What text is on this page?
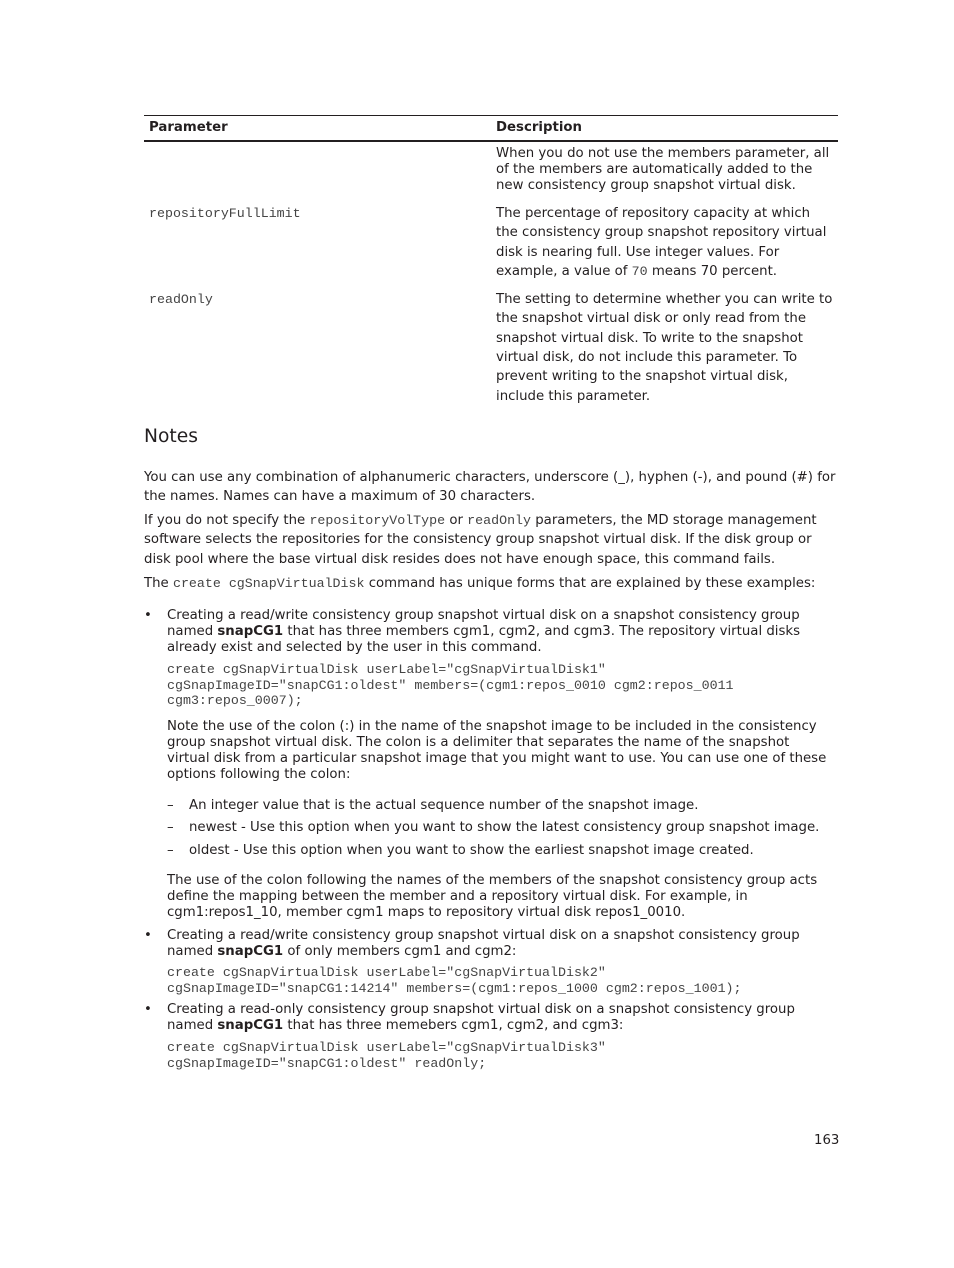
Parameter	Description
	When you do not use the members parameter, all of the members are automatically added to the new consistency group snapshot virtual disk.
repositoryFullLimit	The percentage of repository capacity at which the consistency group snapshot repository virtual disk is nearing full. Use integer values. For example, a value of 70 means 70 percent.
readOnly	The setting to determine whether you can write to the snapshot virtual disk or only read from the snapshot virtual disk. To write to the snapshot virtual disk, do not include this parameter. To prevent writing to the snapshot virtual disk, include this parameter.
Notes

You can use any combination of alphanumeric characters, underscore (_), hyphen (-), and pound (#) for the names. Names can have a maximum of 30 characters.

If you do not specify the repositoryVolType or readOnly parameters, the MD storage management software selects the repositories for the consistency group snapshot virtual disk. If the disk group or disk pool where the base virtual disk resides does not have enough space, this command fails.

The create cgSnapVirtualDisk command has unique forms that are explained by these examples:

• Creating a read/write consistency group snapshot virtual disk on a snapshot consistency group named snapCG1 that has three members cgm1, cgm2, and cgm3. The repository virtual disks already exist and selected by the user in this command.
create cgSnapVirtualDisk userLabel="cgSnapVirtualDisk1"
cgSnapImageID="snapCG1:oldest" members=(cgm1:repos_0010 cgm2:repos_0011
cgm3:repos_0007);
Note the use of the colon (:) in the name of the snapshot image to be included in the consistency group snapshot virtual disk. The colon is a delimiter that separates the name of the snapshot virtual disk from a particular snapshot image that you might want to use. You can use one of these options following the colon:
– An integer value that is the actual sequence number of the snapshot image.
– newest - Use this option when you want to show the latest consistency group snapshot image.
– oldest - Use this option when you want to show the earliest snapshot image created.
The use of the colon following the names of the members of the snapshot consistency group acts define the mapping between the member and a repository virtual disk. For example, in cgm1:repos1_10, member cgm1 maps to repository virtual disk repos1_0010.
• Creating a read/write consistency group snapshot virtual disk on a snapshot consistency group named snapCG1 of only members cgm1 and cgm2:
create cgSnapVirtualDisk userLabel="cgSnapVirtualDisk2"
cgSnapImageID="snapCG1:14214" members=(cgm1:repos_1000 cgm2:repos_1001);
• Creating a read-only consistency group snapshot virtual disk on a snapshot consistency group named snapCG1 that has three memebers cgm1, cgm2, and cgm3:
create cgSnapVirtualDisk userLabel="cgSnapVirtualDisk3"
cgSnapImageID="snapCG1:oldest" readOnly;
163
